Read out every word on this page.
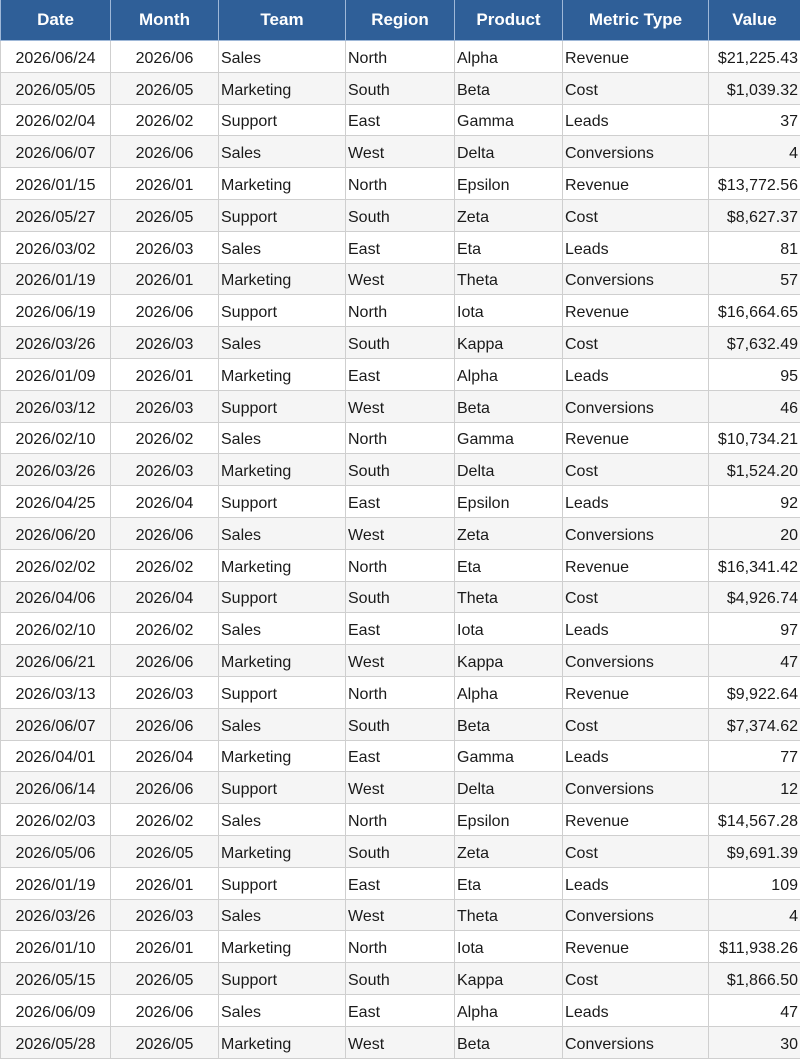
Date	Month	Team	Region	Product	Metric Type	Value
2026/06/24	2026/06	Sales	North	Alpha	Revenue	$21,225.43
2026/05/05	2026/05	Marketing	South	Beta	Cost	$1,039.32
2026/02/04	2026/02	Support	East	Gamma	Leads	37
2026/06/07	2026/06	Sales	West	Delta	Conversions	4
2026/01/15	2026/01	Marketing	North	Epsilon	Revenue	$13,772.56
2026/05/27	2026/05	Support	South	Zeta	Cost	$8,627.37
2026/03/02	2026/03	Sales	East	Eta	Leads	81
2026/01/19	2026/01	Marketing	West	Theta	Conversions	57
2026/06/19	2026/06	Support	North	Iota	Revenue	$16,664.65
2026/03/26	2026/03	Sales	South	Kappa	Cost	$7,632.49
2026/01/09	2026/01	Marketing	East	Alpha	Leads	95
2026/03/12	2026/03	Support	West	Beta	Conversions	46
2026/02/10	2026/02	Sales	North	Gamma	Revenue	$10,734.21
2026/03/26	2026/03	Marketing	South	Delta	Cost	$1,524.20
2026/04/25	2026/04	Support	East	Epsilon	Leads	92
2026/06/20	2026/06	Sales	West	Zeta	Conversions	20
2026/02/02	2026/02	Marketing	North	Eta	Revenue	$16,341.42
2026/04/06	2026/04	Support	South	Theta	Cost	$4,926.74
2026/02/10	2026/02	Sales	East	Iota	Leads	97
2026/06/21	2026/06	Marketing	West	Kappa	Conversions	47
2026/03/13	2026/03	Support	North	Alpha	Revenue	$9,922.64
2026/06/07	2026/06	Sales	South	Beta	Cost	$7,374.62
2026/04/01	2026/04	Marketing	East	Gamma	Leads	77
2026/06/14	2026/06	Support	West	Delta	Conversions	12
2026/02/03	2026/02	Sales	North	Epsilon	Revenue	$14,567.28
2026/05/06	2026/05	Marketing	South	Zeta	Cost	$9,691.39
2026/01/19	2026/01	Support	East	Eta	Leads	109
2026/03/26	2026/03	Sales	West	Theta	Conversions	4
2026/01/10	2026/01	Marketing	North	Iota	Revenue	$11,938.26
2026/05/15	2026/05	Support	South	Kappa	Cost	$1,866.50
2026/06/09	2026/06	Sales	East	Alpha	Leads	47
2026/05/28	2026/05	Marketing	West	Beta	Conversions	30
